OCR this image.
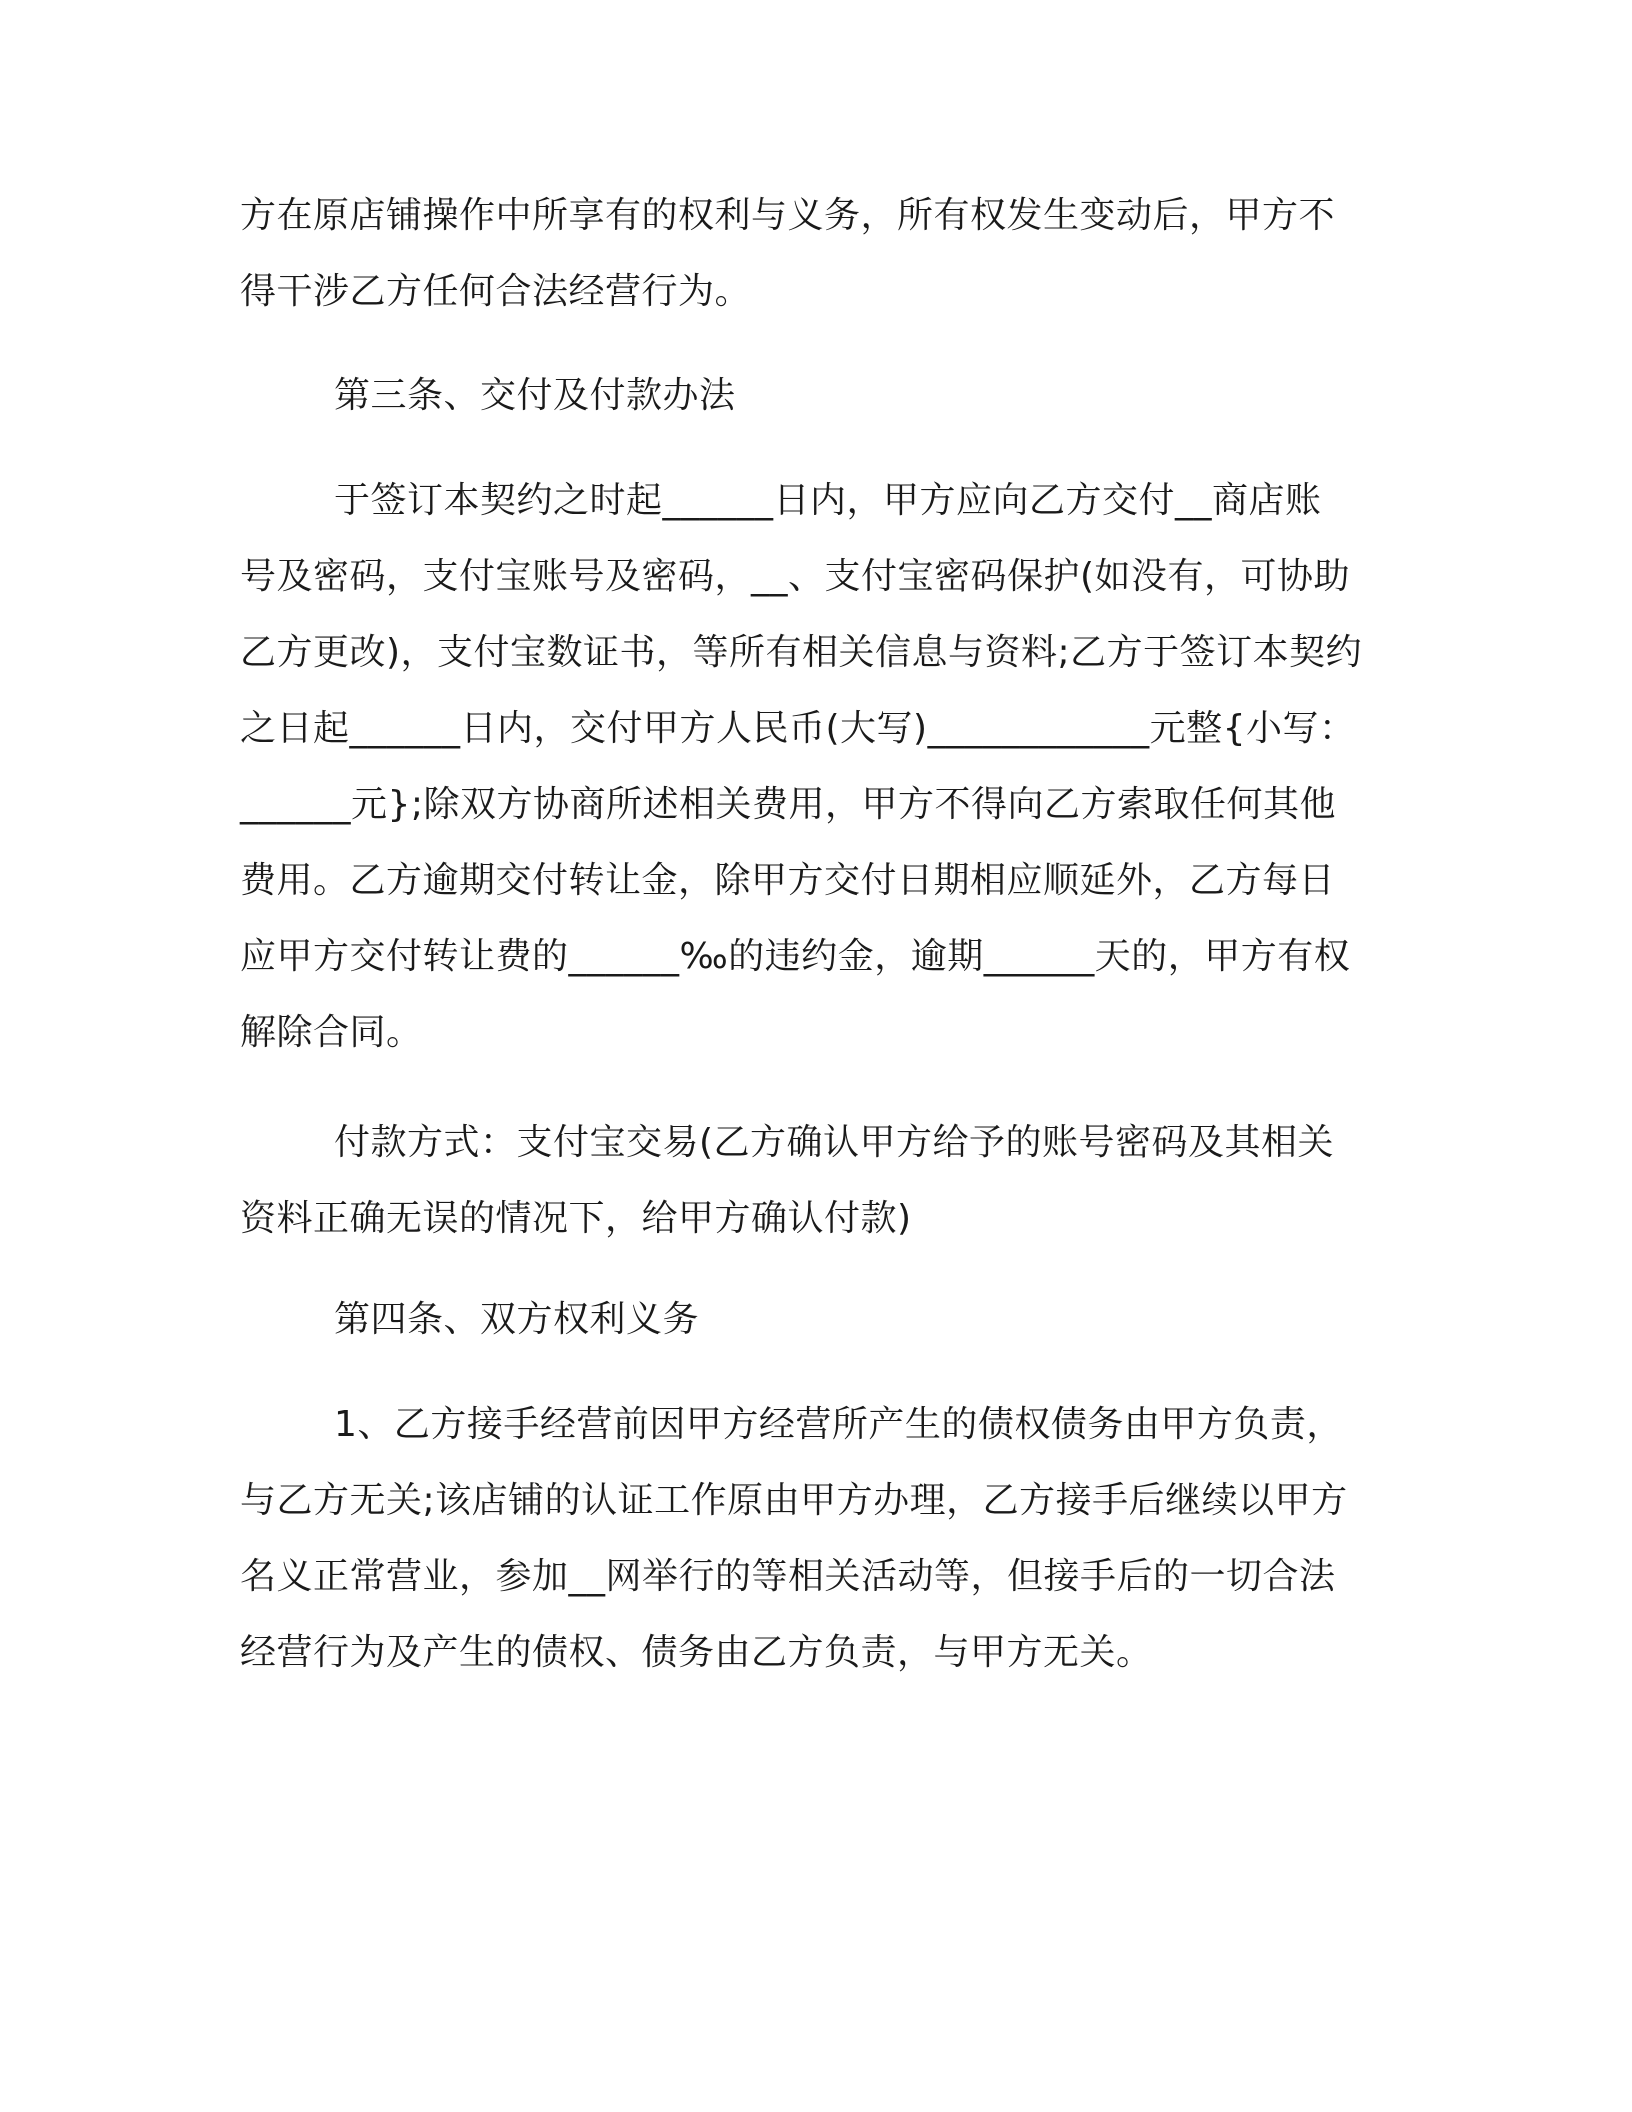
方在原店铺操作中所享有的权利与义务，所有权发生变动后，甲方不
得干涉乙方任何合法经营行为。

第三条、交付及付款办法

于签订本契约之时起______日内，甲方应向乙方交付__商店账
号及密码，支付宝账号及密码，__、支付宝密码保护(如没有，可协助
乙方更改)，支付宝数证书，等所有相关信息与资料;乙方于签订本契约
之日起______日内，交付甲方人民币(大写)____________元整{小写：
______元};除双方协商所述相关费用，甲方不得向乙方索取任何其他
费用。乙方逾期交付转让金，除甲方交付日期相应顺延外，乙方每日
应甲方交付转让费的______‰的违约金，逾期______天的，甲方有权
解除合同。

付款方式：支付宝交易(乙方确认甲方给予的账号密码及其相关
资料正确无误的情况下，给甲方确认付款)

第四条、双方权利义务

1、乙方接手经营前因甲方经营所产生的债权债务由甲方负责，
与乙方无关;该店铺的认证工作原由甲方办理，乙方接手后继续以甲方
名义正常营业，参加__网举行的等相关活动等，但接手后的一切合法
经营行为及产生的债权、债务由乙方负责，与甲方无关。
